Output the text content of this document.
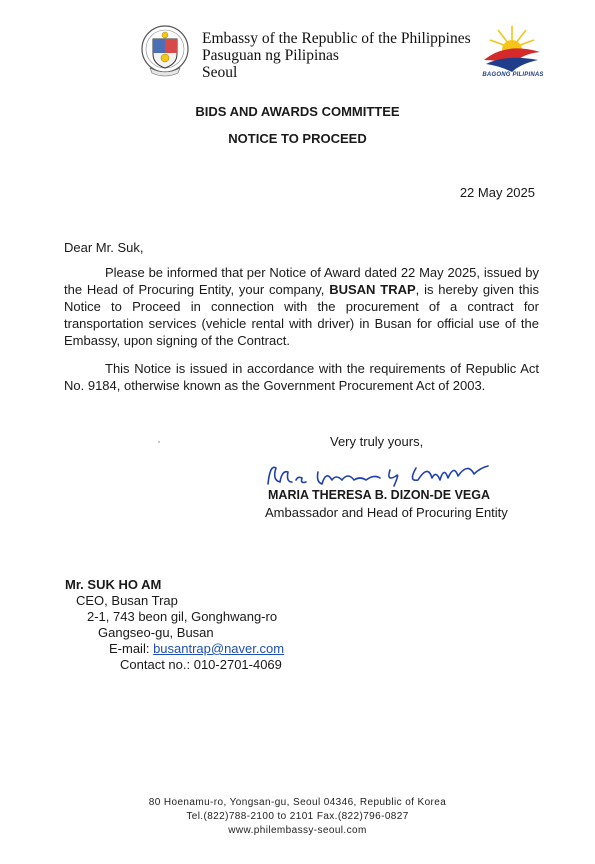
Embassy of the Republic of the Philippines
Pasuguan ng Pilipinas
Seoul	BAGONG PILIPINAS
BIDS AND AWARDS COMMITTEE
NOTICE TO PROCEED
22 May 2025
Dear Mr. Suk,
Please be informed that per Notice of Award dated 22 May 2025, issued by the Head of Procuring Entity, your company, BUSAN TRAP, is hereby given this Notice to Proceed in connection with the procurement of a contract for transportation services (vehicle rental with driver) in Busan for official use of the Embassy, upon signing of the Contract.
This Notice is issued in accordance with the requirements of Republic Act No. 9184, otherwise known as the Government Procurement Act of 2003.
Very truly yours,
MARIA THERESA B. DIZON-DE VEGA
Ambassador and Head of Procuring Entity
Mr. SUK HO AM
CEO, Busan Trap
2-1, 743 beon gil, Gonghwang-ro
Gangseo-gu, Busan
E-mail: busantrap@naver.com
Contact no.: 010-2701-4069
80 Hoenamu-ro, Yongsan-gu, Seoul 04346, Republic of Korea
Tel.(822)788-2100 to 2101 Fax.(822)796-0827
www.philembassy-seoul.com
